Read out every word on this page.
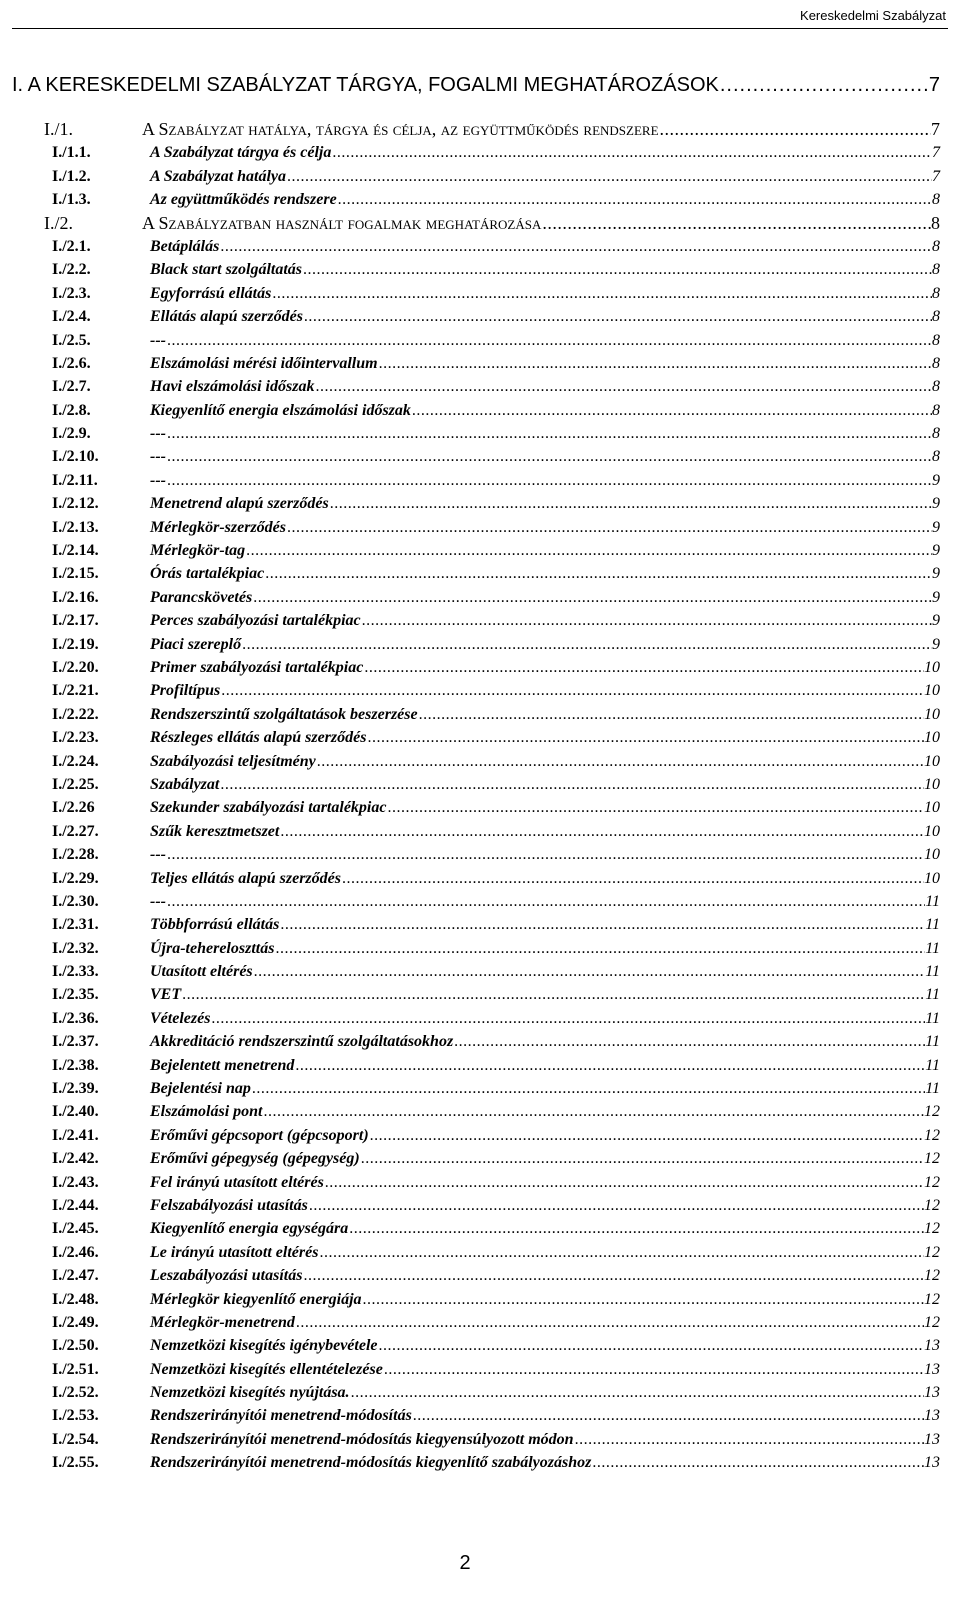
Kereskedelmi Szabályzat

I. A KERESKEDELMI SZABÁLYZAT TÁRGYA, FOGALMI MEGHATÁROZÁSOK .....	7
I./1.	A Szabályzat hatálya, tárgya és célja, az együttműködés rendszere .....	7
I./1.1.	A Szabályzat tárgya és célja .....	7
I./1.2.	A Szabályzat hatálya .....	7
I./1.3.	Az együttműködés rendszere .....	8
I./2.	A Szabályzatban használt fogalmak meghatározása .....	8
I./2.1.	Betáplálás .....	8
I./2.2.	Black start szolgáltatás .....	8
I./2.3.	Egyforrású ellátás .....	8
I./2.4.	Ellátás alapú szerződés .....	8
I./2.5.	--- .....	8
I./2.6.	Elszámolási mérési időintervallum .....	8
I./2.7.	Havi elszámolási időszak .....	8
I./2.8.	Kiegyenlítő energia elszámolási időszak .....	8
I./2.9.	--- .....	8
I./2.10.	--- .....	8
I./2.11.	--- .....	9
I./2.12.	Menetrend alapú szerződés .....	9
I./2.13.	Mérlegkör-szerződés .....	9
I./2.14.	Mérlegkör-tag .....	9
I./2.15.	Órás tartalékpiac .....	9
I./2.16.	Parancskövetés .....	9
I./2.17.	Perces szabályozási tartalékpiac .....	9
I./2.19.	Piaci szereplő .....	9
I./2.20.	Primer szabályozási tartalékpiac .....	10
I./2.21.	Profiltípus .....	10
I./2.22.	Rendszerszintű szolgáltatások beszerzése .....	10
I./2.23.	Részleges ellátás alapú szerződés .....	10
I./2.24.	Szabályozási teljesítmény .....	10
I./2.25.	Szabályzat .....	10
I./2.26	Szekunder szabályozási tartalékpiac .....	10
I./2.27.	Szűk keresztmetszet .....	10
I./2.28.	--- .....	10
I./2.29.	Teljes ellátás alapú szerződés .....	10
I./2.30.	--- .....	11
I./2.31.	Többforrású ellátás .....	11
I./2.32.	Újra-tehereloszttás .....	11
I./2.33.	Utasított eltérés .....	11
I./2.35.	VET .....	11
I./2.36.	Vételezés .....	11
I./2.37.	Akkreditáció rendszerszintű szolgáltatásokhoz .....	11
I./2.38.	Bejelentett menetrend .....	11
I./2.39.	Bejelentési nap .....	11
I./2.40.	Elszámolási pont .....	12
I./2.41.	Erőművi gépcsoport (gépcsoport) .....	12
I./2.42.	Erőművi gépegység (gépegység) .....	12
I./2.43.	Fel irányú utasított eltérés .....	12
I./2.44.	Felszabályozási utasítás .....	12
I./2.45.	Kiegyenlítő energia egységára .....	12
I./2.46.	Le irányú utasított eltérés .....	12
I./2.47.	Leszabályozási utasítás .....	12
I./2.48.	Mérlegkör kiegyenlítő energiája .....	12
I./2.49.	Mérlegkör-menetrend .....	12
I./2.50.	Nemzetközi kisegítés igénybevétele .....	13
I./2.51.	Nemzetközi kisegítés ellentételezése .....	13
I./2.52.	Nemzetközi kisegítés nyújtása. .....	13
I./2.53.	Rendszerirányítói menetrend-módosítás .....	13
I./2.54.	Rendszerirányítói menetrend-módosítás kiegyensúlyozott módon .....	13
I./2.55.	Rendszerirányítói menetrend-módosítás kiegyenlítő szabályozáshoz .....	13

2
